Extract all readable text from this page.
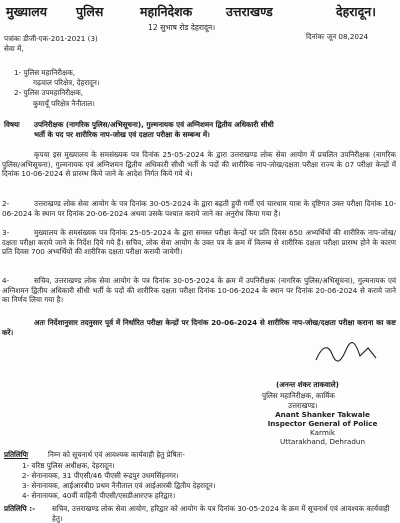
मुख्यालय पुलिस	महानिदेशक	उत्तराखण्ड	देहरादून।
12 सुभाष रोड देहरादून।
पत्रांकः डीजी-एक-201-2021 (3)	दिनांकः जून 08,2024
सेवा में,
1- पुलिस महानिरीक्षक,
गढ़वाल परिक्षेत्र, देहरादून।
2- पुलिस उपमहानिरीक्षक,
कुमायूँ परिक्षेत्र नैनीताल।
विषयः उपनिरीक्षक (नागरिक पुलिस/अभिसूचना), गुल्मनायक एवं अग्निशमन द्वितीय अधिकारी सीधी
भर्ती के पद पर शारीरिक नाप-जोख एवं दक्षता परीक्षा के सम्बन्ध में।
कृपया इस मुख्यालय के समसंख्यक पत्र दिनांक 25-05-2024 के द्वारा उत्तराखण्ड लोक सेवा आयोग में प्रचलित उपनिरीक्षक (नागरिक पुलिस/अभिसूचना), गुल्मनायक एवं अग्निशमन द्वितीय अधिकारी सीधी भर्ती के पदों की शारीरिक नाप-जोख/दक्षता परीक्षा राज्य के 07 परीक्षा केन्द्रों में दिनांक 10-06-2024 से प्रारम्भ किये जाने के आदेश निर्गत किये गये थे।
2-	उत्तराखण्ड लोक सेवा आयोग के पत्र दिनांक 30-05-2024 के द्वारा बढ़ती हुयी गर्मी एवं चारधाम यात्रा के दृष्टिगत उक्त परीक्षा दिनांक 10-06-2024 के स्थान पर दिनांक 20-06-2024 अथवा उसके पश्चात कराये जाने का अनुरोध किया गया है।
3-	मुख्यालय के समसंख्यक पत्र दिनांक 25-05-2024 के द्वारा समस्त परीक्षा केन्द्रों पर प्रति दिवस 650 अभ्यर्थियों की शारीरिक नाप-जोख/दक्षता परीक्षा कराये जाने के निर्देश दिये गये हैं। सचिव, लोक सेवा आयोग के उक्त पत्र के क्रम में विलम्ब से शारीरिक दक्षता परीक्षा प्रारम्भ होने के कारण प्रति दिवस 700 अभ्यर्थियों की शारीरिक दक्षता परीक्षा करायी जायेगी।
4-	सचिव, उत्तराखण्ड लोक सेवा आयोग के पत्र दिनांक 30-05-2024 के क्रम में उपनिरीक्षक (नागरिक पुलिस/अभिसूचना), गुल्मनायक एवं अग्निशमन द्वितीय अधिकारी सीधी भर्ती के पदों की शारीरिक दक्षता परीक्षा दिनांक 10-06-2024 के स्थान पर दिनांक 20-06-2024 से कराये जाने का निर्णय लिया गया है।
अतः निर्देशानुसार तदनुसार पूर्व में निर्धारित परीक्षा केन्द्रों पर दिनांक 20-06-2024 से शारीरिक नाप-जोख/दक्षता परीक्षा कराना का कष्ट करें।
(अनन्त शंकर ताकवाले)
पुलिस महानिरीक्षक, कार्मिक
उत्तराखण्ड।
Anant Shanker Takwale
Inspector General of Police
Karmik
Uttarakhand, Dehradun
प्रतिलिपिः	निम्न को सूचनार्थ एवं आवश्यक कार्यवाही हेतु प्रेषितः-
1- वरिष्ठ पुलिस अधीक्षक, देहरादून।
2- सेनानायक, 31 पीएसी/46 पीएसी रूद्रपुर उधमसिंहनगर।
3- सेनानायक, आईआरबी0 प्रथम नैनीताल एवं आईआरबी द्वितीय देहरादून।
4- सेनानायक, 40वीं वाहिनी पीएसी/एसडीआरएफ हरिद्वार।
प्रतिलिपि :- सचिव, उत्तराखण्ड लोक सेवा आयोग, हरिद्वार को आयोग के पत्र दिनांक 30-05-2024 के क्रम में सूचनार्थ एवं आवश्यक कार्यवाही हेतु।
